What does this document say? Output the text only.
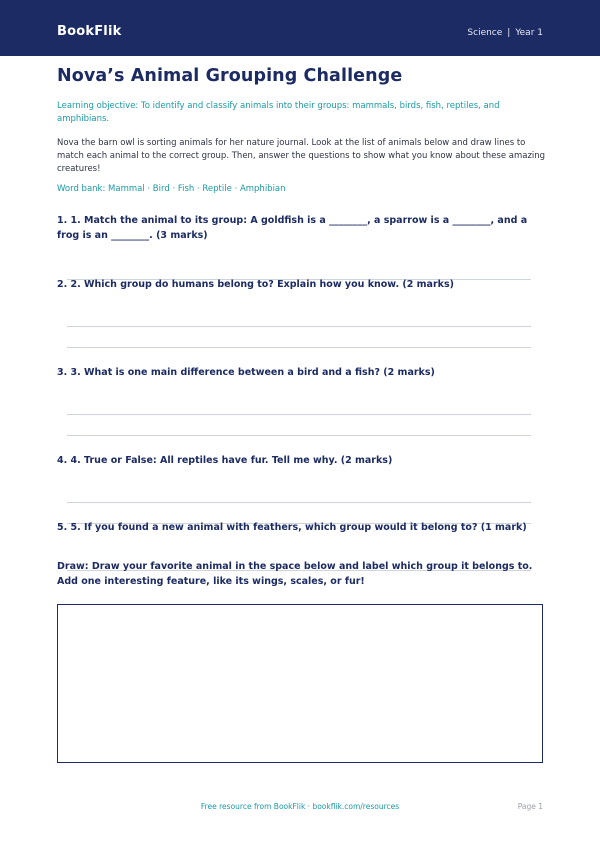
BookFlik	Science | Year 1
Nova’s Animal Grouping Challenge

Learning objective: To identify and classify animals into their groups: mammals, birds, fish, reptiles, and amphibians.

Nova the barn owl is sorting animals for her nature journal. Look at the list of animals below and draw lines to match each animal to the correct group. Then, answer the questions to show what you know about these amazing creatures!

Word bank: Mammal · Bird · Fish · Reptile · Amphibian

1. 1. Match the animal to its group: A goldfish is a ________, a sparrow is a ________, and a frog is an ________. (3 marks)
2. 2. Which group do humans belong to? Explain how you know. (2 marks)
3. 3. What is one main difference between a bird and a fish? (2 marks)
4. 4. True or False: All reptiles have fur. Tell me why. (2 marks)
5. 5. If you found a new animal with feathers, which group would it belong to? (1 mark)
Draw: Draw your favorite animal in the space below and label which group it belongs to. Add one interesting feature, like its wings, scales, or fur!
Free resource from BookFlik · bookflik.com/resources	Page 1
